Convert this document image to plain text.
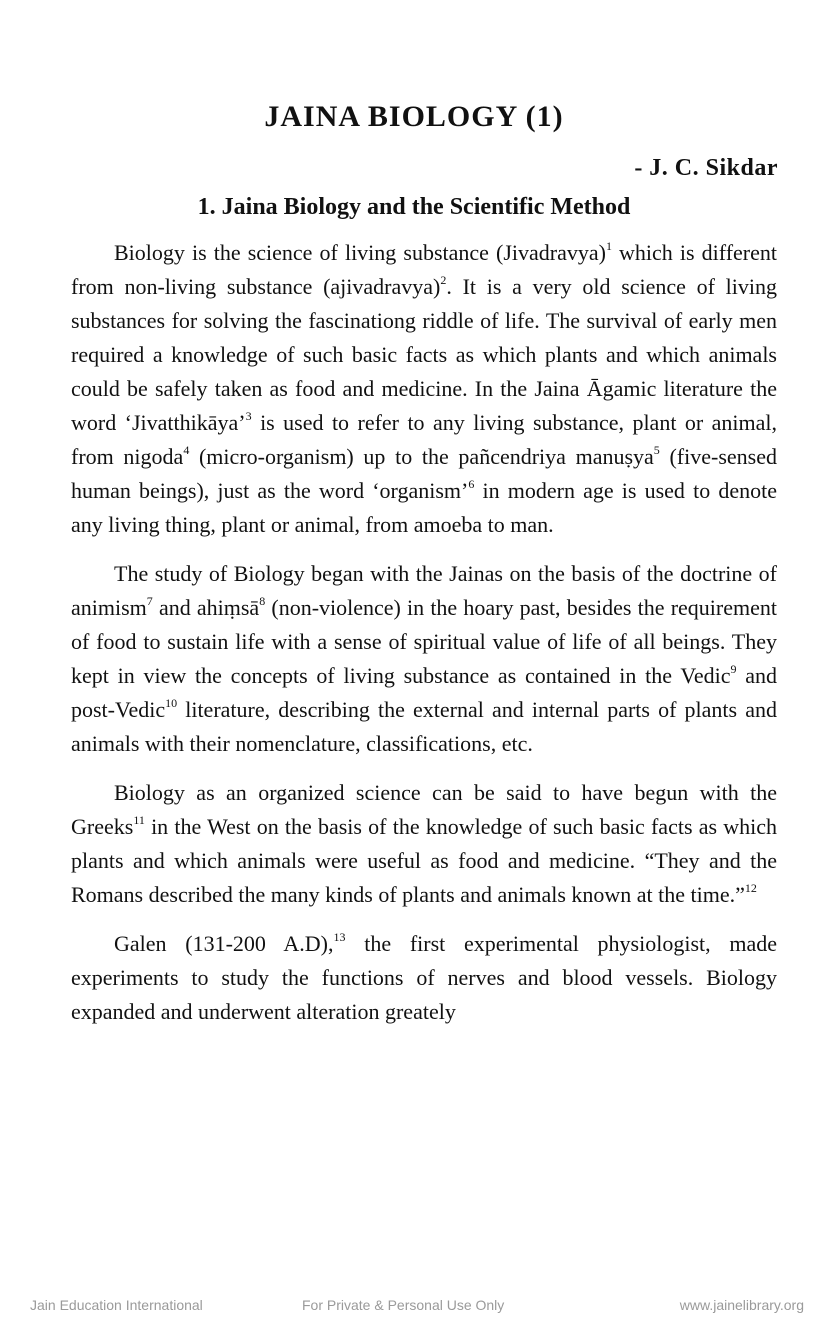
JAINA BIOLOGY (1)
- J. C. Sikdar
1. Jaina Biology and the Scientific Method

Biology is the science of living substance (Jivadravya)$^1$ which is different from non-living substance (ajivadravya)$^2$. It is a very old science of living substances for solving the fascinationg riddle of life. The survival of early men required a knowledge of such basic facts as which plants and which animals could be safely taken as food and medicine. In the Jaina Āgamic literature the word ‘Jivatthikāya’$^3$ is used to refer to any living substance, plant or animal, from nigoda$^4$ (micro-organism) up to the pañcendriya manuṣya$^5$ (five-sensed human beings), just as the word ‘organism’$^6$ in modern age is used to denote any living thing, plant or animal, from amoeba to man.

The study of Biology began with the Jainas on the basis of the doctrine of animism$^7$ and ahiṃsā$^8$ (non-violence) in the hoary past, besides the requirement of food to sustain life with a sense of spiritual value of life of all beings. They kept in view the concepts of living substance as contained in the Vedic$^9$ and post-Vedic$^{10}$ literature, describing the external and internal parts of plants and animals with their nomenclature, classifications, etc.

Biology as an organized science can be said to have begun with the Greeks$^{11}$ in the West on the basis of the knowledge of such basic facts as which plants and which animals were useful as food and medicine. “They and the Romans described the many kinds of plants and animals known at the time.”$^{12}$

Galen (131-200 A.D),$^{13}$ the first experimental physiologist, made experiments to study the functions of nerves and blood vessels. Biology expanded and underwent alteration greately

Jain Education International	For Private & Personal Use Only	www.jainelibrary.org
